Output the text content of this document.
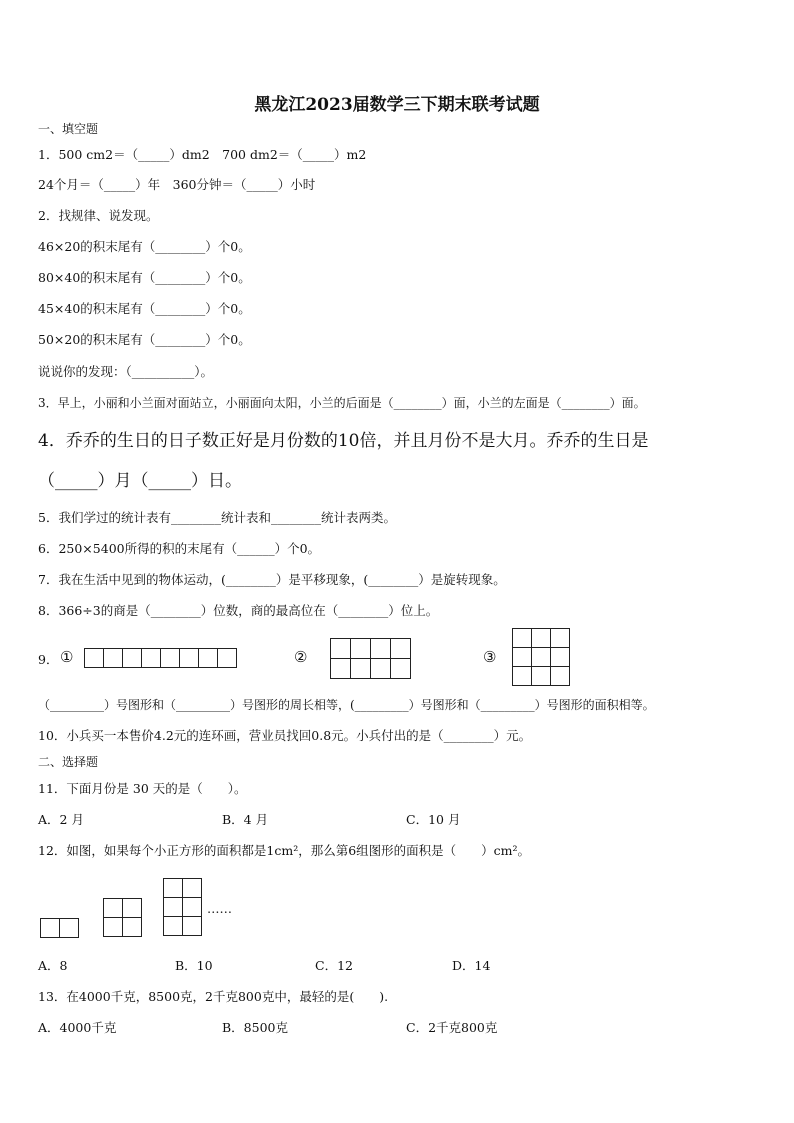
黑龙江2023届数学三下期末联考试题
一、填空题
1．500 cm2＝（_____）dm2　700 dm2＝（_____）m2
24个月＝（_____）年　360分钟＝（_____）小时
2．找规律、说发现。
46×20的积末尾有（________）个0。
80×40的积末尾有（________）个0。
45×40的积末尾有（________）个0。
50×20的积末尾有（________）个0。
说说你的发现：（__________）。
3．早上，小丽和小兰面对面站立，小丽面向太阳，小兰的后面是（________）面，小兰的左面是（________）面。
4．乔乔的生日的日子数正好是月份数的10倍，并且月份不是大月。乔乔的生日是
（_____）月（_____）日。
5．我们学过的统计表有________统计表和________统计表两类。
6．250×5400所得的积的末尾有（______）个0。
7．我在生活中见到的物体运动，(________）是平移现象，(________）是旋转现象。
8．366÷3的商是（________）位数，商的最高位在（________）位上。
9． ①
								②

				③

（_________）号图形和（_________）号图形的周长相等，(_________）号图形和（_________）号图形的面积相等。
10．小兵买一本售价4.2元的连环画，营业员找回0.8元。小兵付出的是（________）元。
二、选择题
11．下面月份是 30 天的是（　　）。
A．2 月	B．4 月	C．10 月
12．如图，如果每个小正方形的面积都是1cm²，那么第6组图形的面积是（　　）cm²。

……
A．8	B．10	C．12	D．14
13．在4000千克，8500克，2千克800克中，最轻的是(　　).
A．4000千克	B．8500克	C．2千克800克
